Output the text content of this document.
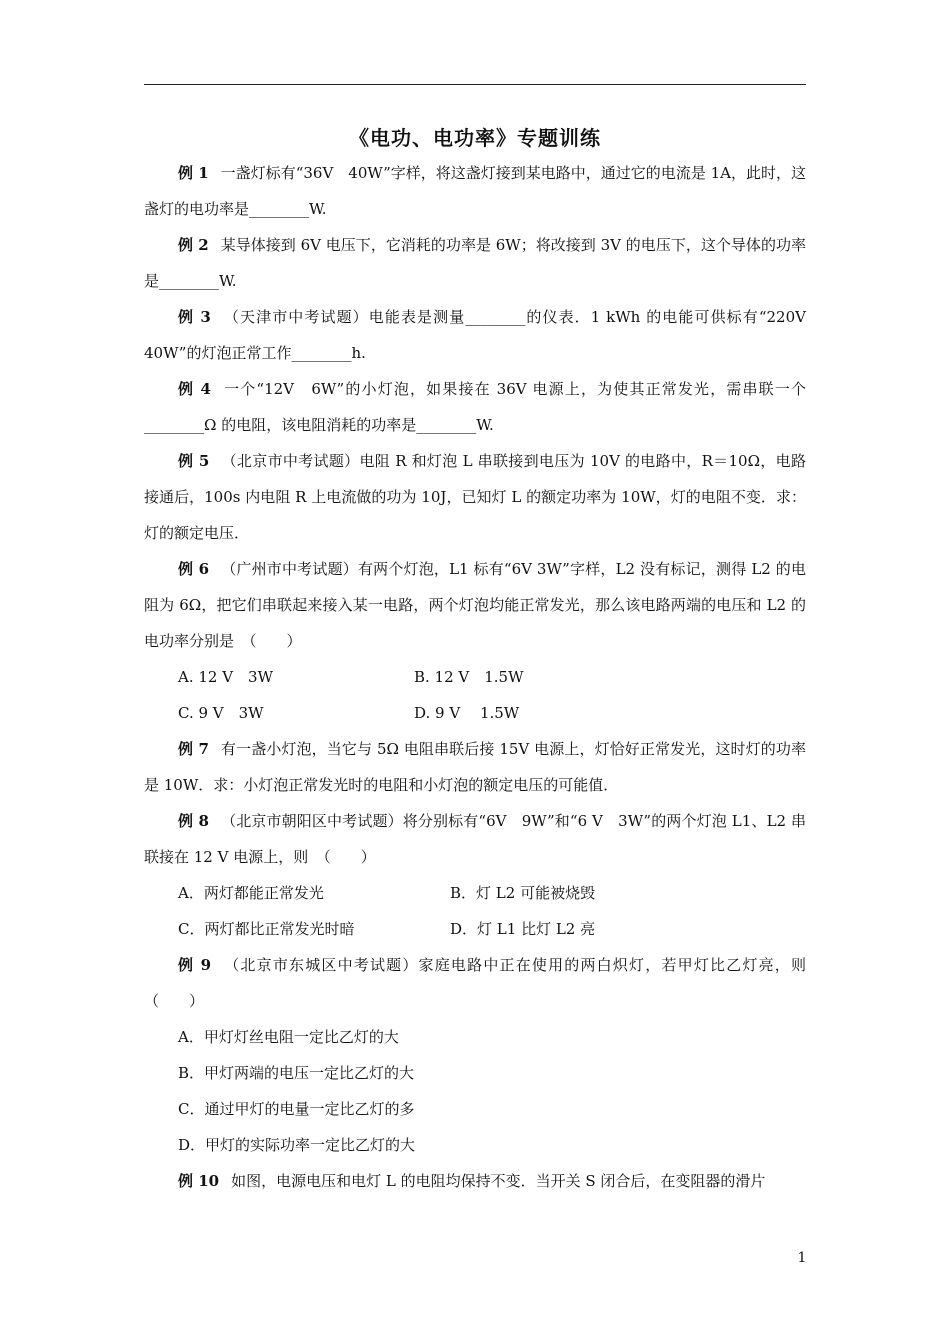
《电功、电功率》专题训练

例 1 一盏灯标有“36V　40W”字样，将这盏灯接到某电路中，通过它的电流是 1A，此时，这盏灯的电功率是________W.

例 2 某导体接到 6V 电压下，它消耗的功率是 6W；将改接到 3V 的电压下，这个导体的功率是________W.

例 3 （天津市中考试题）电能表是测量________的仪表．1 kWh 的电能可供标有“220V　40W”的灯泡正常工作________h.

例 4 一个“12V　6W”的小灯泡，如果接在 36V 电源上，为使其正常发光，需串联一个________Ω 的电阻，该电阻消耗的功率是________W.

例 5 （北京市中考试题）电阻 R 和灯泡 L 串联接到电压为 10V 的电路中，R＝10Ω，电路接通后，100s 内电阻 R 上电流做的功为 10J，已知灯 L 的额定功率为 10W，灯的电阻不变．求：灯的额定电压．

例 6 （广州市中考试题）有两个灯泡，L1 标有“6V 3W”字样，L2 没有标记，测得 L2 的电阻为 6Ω，把它们串联起来接入某一电路，两个灯泡均能正常发光，那么该电路两端的电压和 L2 的电功率分别是　（　　）

A. 12 V　3W	B. 12 V　1.5W
C. 9 V　3W	D. 9 V　 1.5W

例 7 有一盏小灯泡，当它与 5Ω 电阻串联后接 15V 电源上，灯恰好正常发光，这时灯的功率是 10W．求：小灯泡正常发光时的电阻和小灯泡的额定电压的可能值．

例 8 （北京市朝阳区中考试题）将分别标有“6V　9W”和“6 V　3W”的两个灯泡 L1、L2 串联接在 12 V 电源上，则　（　　）

A．两灯都能正常发光	B．灯 L2 可能被烧毁
C．两灯都比正常发光时暗	D．灯 L1 比灯 L2 亮

例 9 （北京市东城区中考试题）家庭电路中正在使用的两白炽灯，若甲灯比乙灯亮，则（　　）

A．甲灯灯丝电阻一定比乙灯的大
B．甲灯两端的电压一定比乙灯的大
C．通过甲灯的电量一定比乙灯的多
D．甲灯的实际功率一定比乙灯的大

例 10 如图，电源电压和电灯 L 的电阻均保持不变．当开关 S 闭合后，在变阻器的滑片

1
